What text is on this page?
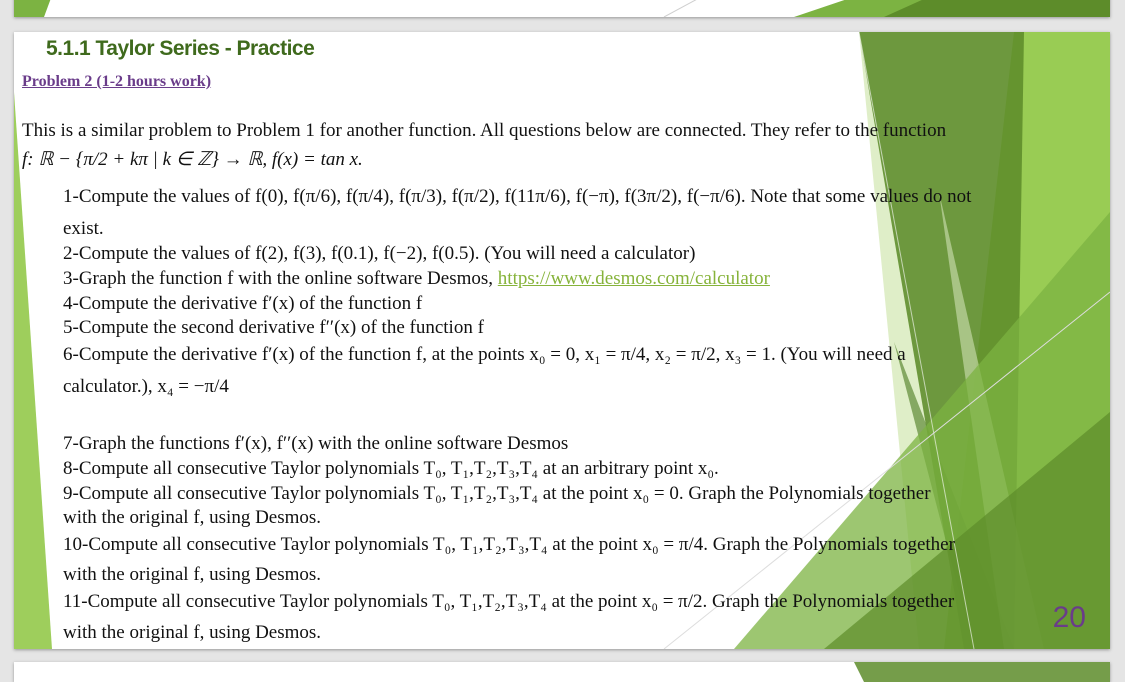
5.1.1 Taylor Series - Practice
Problem 2 (1-2 hours work)
This is a similar problem to Problem 1 for another function. All questions below are connected. They refer to the function
f: ℝ − {π/2 + kπ | k ∈ ℤ} → ℝ, f(x) = tan x.
1-Compute the values of f(0), f(π/6), f(π/4), f(π/3), f(π/2), f(11π/6), f(−π), f(3π/2), f(−π/6). Note that some values do not
exist.
2-Compute the values of f(2), f(3), f(0.1), f(−2), f(0.5). (You will need a calculator)
3-Graph the function f with the online software Desmos, https://www.desmos.com/calculator
4-Compute the derivative f′(x) of the function f
5-Compute the second derivative f′′(x) of the function f
6-Compute the derivative f′(x) of the function f, at the points x₀ = 0, x₁ = π/4, x₂ = π/2, x₃ = 1. (You will need a
calculator.), x₄ = −π/4
7-Graph the functions f′(x), f′′(x) with the online software Desmos
8-Compute all consecutive Taylor polynomials T₀, T₁,T₂,T₃,T₄ at an arbitrary point x₀.
9-Compute all consecutive Taylor polynomials T₀, T₁,T₂,T₃,T₄ at the point x₀ = 0. Graph the Polynomials together
with the original f, using Desmos.
10-Compute all consecutive Taylor polynomials T₀, T₁,T₂,T₃,T₄ at the point x₀ = π/4. Graph the Polynomials together
with the original f, using Desmos.
11-Compute all consecutive Taylor polynomials T₀, T₁,T₂,T₃,T₄ at the point x₀ = π/2. Graph the Polynomials together
with the original f, using Desmos.	20
